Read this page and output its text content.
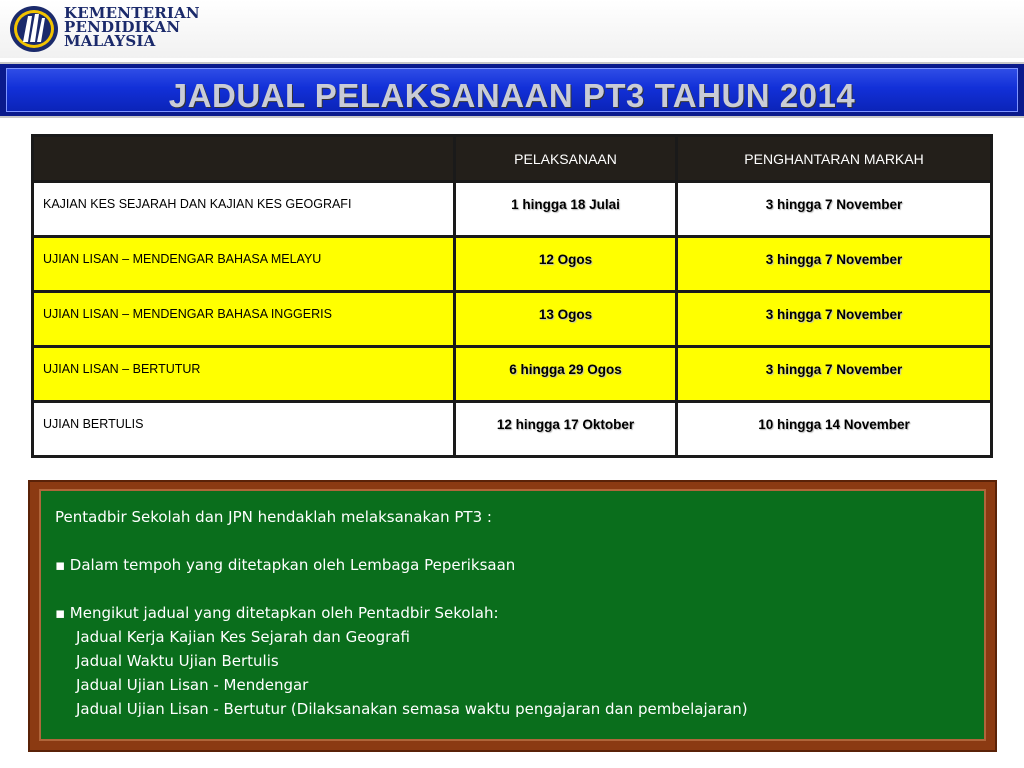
KEMENTERIAN
PENDIDIKAN
MALAYSIA
JADUAL PELAKSANAAN PT3 TAHUN 2014
	PELAKSANAAN	PENGHANTARAN MARKAH
KAJIAN KES SEJARAH DAN KAJIAN KES GEOGRAFI	1 hingga 18 Julai	3 hingga 7 November
UJIAN LISAN – MENDENGAR BAHASA MELAYU	12 Ogos	3 hingga 7 November
UJIAN LISAN – MENDENGAR BAHASA INGGERIS	13 Ogos	3 hingga 7 November
UJIAN LISAN – BERTUTUR	6 hingga 29 Ogos	3 hingga 7 November
UJIAN BERTULIS	12 hingga 17 Oktober	10 hingga 14 November
Pentadbir Sekolah dan JPN hendaklah melaksanakan PT3 :
▪ Dalam tempoh yang ditetapkan oleh Lembaga Peperiksaan
▪ Mengikut jadual yang ditetapkan oleh Pentadbir Sekolah:
Jadual Kerja Kajian Kes Sejarah dan Geografi
Jadual Waktu Ujian Bertulis
Jadual Ujian Lisan - Mendengar
Jadual Ujian Lisan - Bertutur (Dilaksanakan semasa waktu pengajaran dan pembelajaran)
